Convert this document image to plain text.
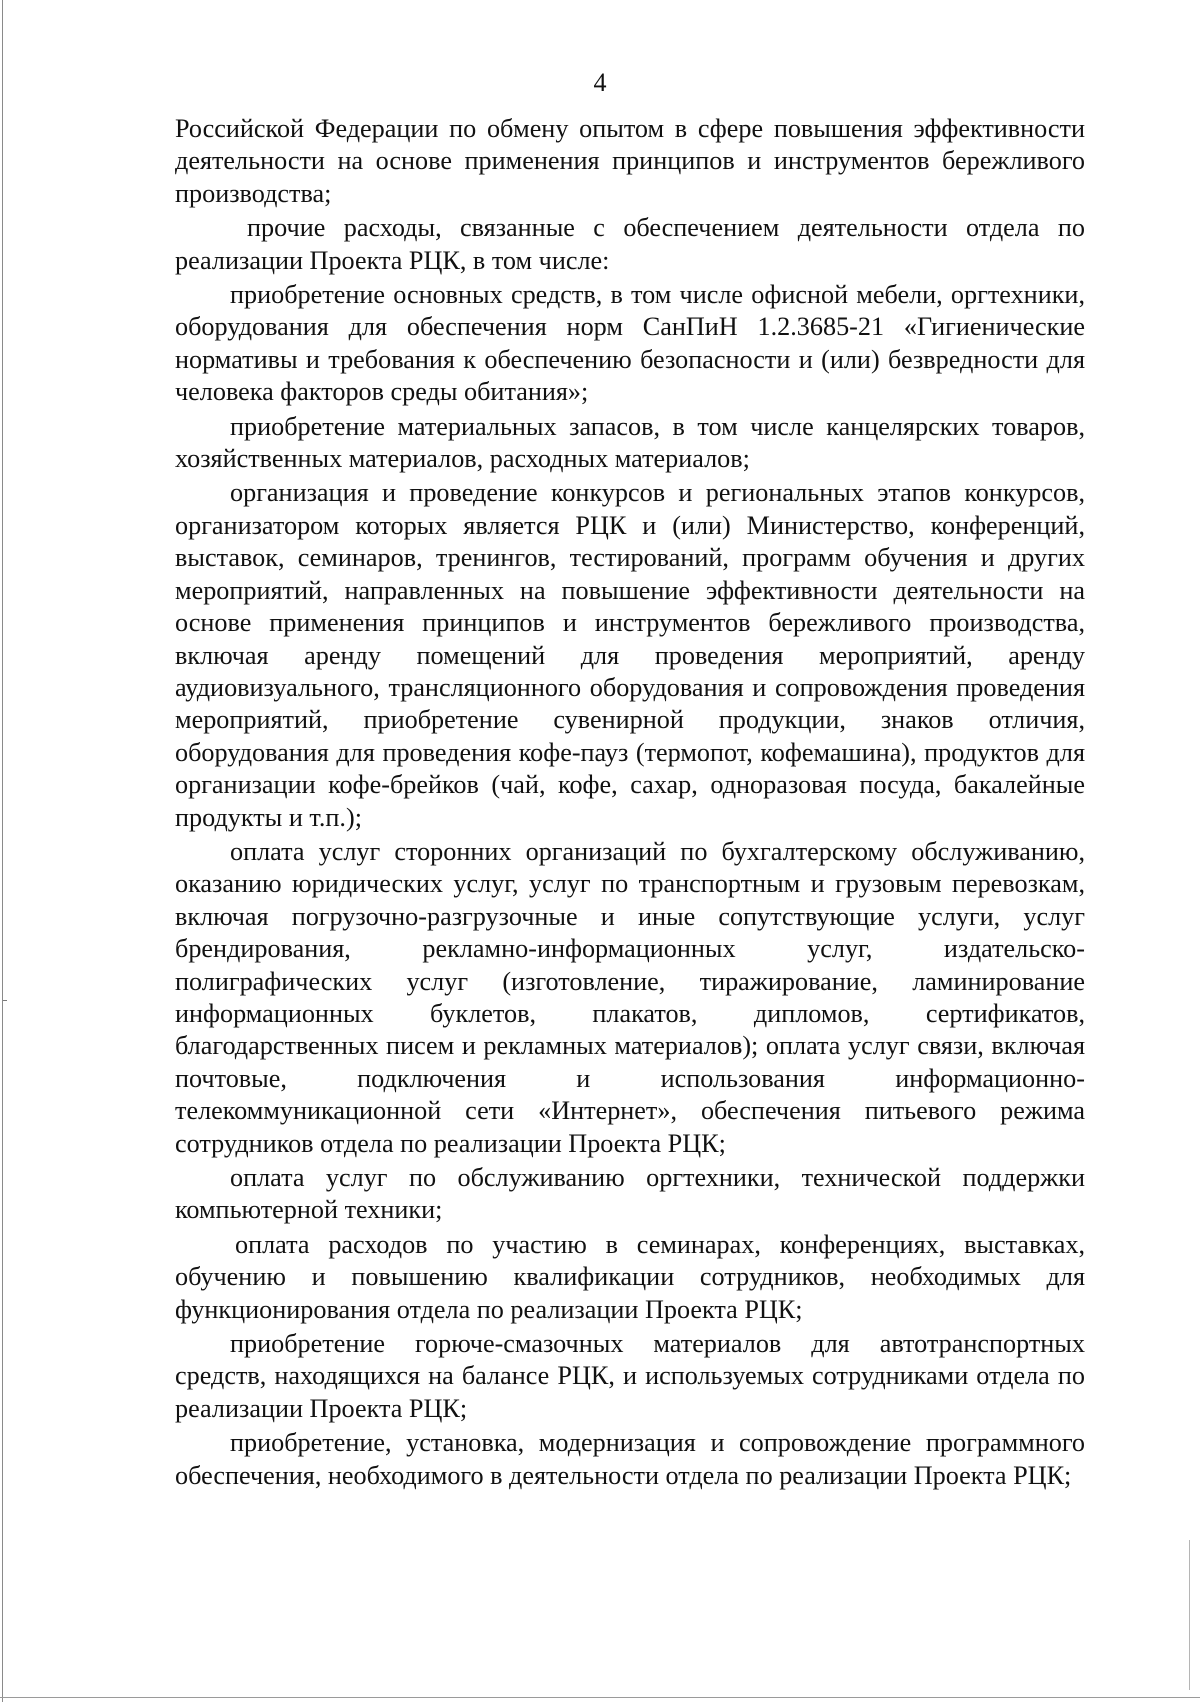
4

Российской Федерации по обмену опытом в сфере повышения эффективности деятельности на основе применения принципов и инструментов бережливого производства;

прочие расходы, связанные с обеспечением деятельности отдела по реализации Проекта РЦК, в том числе:

приобретение основных средств, в том числе офисной мебели, оргтехники, оборудования для обеспечения норм СанПиН 1.2.3685-21 «Гигиенические нормативы и требования к обеспечению безопасности и (или) безвредности для человека факторов среды обитания»;

приобретение материальных запасов, в том числе канцелярских товаров, хозяйственных материалов, расходных материалов;

организация и проведение конкурсов и региональных этапов конкурсов, организатором которых является РЦК и (или) Министерство, конференций, выставок, семинаров, тренингов, тестирований, программ обучения и других мероприятий, направленных на повышение эффективности деятельности на основе применения принципов и инструментов бережливого производства, включая аренду помещений для проведения мероприятий, аренду аудиовизуального, трансляционного оборудования и сопровождения проведения мероприятий, приобретение сувенирной продукции, знаков отличия, оборудования для проведения кофе-пауз (термопот, кофемашина), продуктов для организации кофе-брейков (чай, кофе, сахар, одноразовая посуда, бакалейные продукты и т.п.);

оплата услуг сторонних организаций по бухгалтерскому обслуживанию, оказанию юридических услуг, услуг по транспортным и грузовым перевозкам, включая погрузочно-разгрузочные и иные сопутствующие услуги, услуг брендирования, рекламно-информационных услуг, издательско-полиграфических услуг (изготовление, тиражирование, ламинирование информационных буклетов, плакатов, дипломов, сертификатов, благодарственных писем и рекламных материалов); оплата услуг связи, включая почтовые, подключения и использования информационно-телекоммуникационной сети «Интернет», обеспечения питьевого режима сотрудников отдела по реализации Проекта РЦК;

оплата услуг по обслуживанию оргтехники, технической поддержки компьютерной техники;

оплата расходов по участию в семинарах, конференциях, выставках, обучению и повышению квалификации сотрудников, необходимых для функционирования отдела по реализации Проекта РЦК;

приобретение горюче-смазочных материалов для автотранспортных средств, находящихся на балансе РЦК, и используемых сотрудниками отдела по реализации Проекта РЦК;

приобретение, установка, модернизация и сопровождение программного обеспечения, необходимого в деятельности отдела по реализации Проекта РЦК;
